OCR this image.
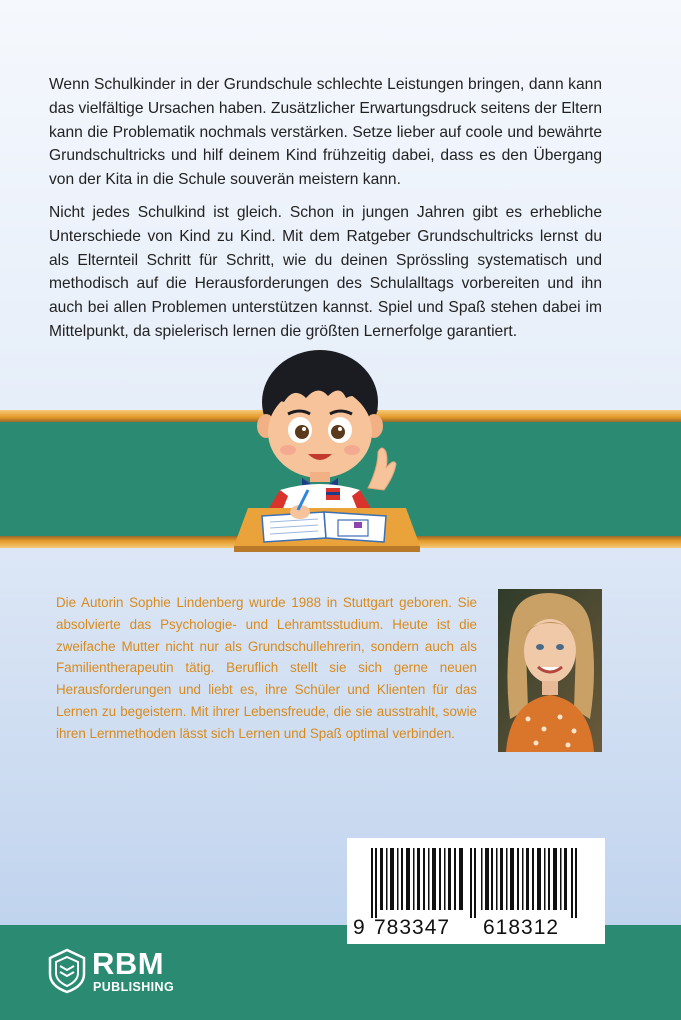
Wenn Schulkinder in der Grundschule schlechte Leistungen bringen, dann kann das vielfältige Ursachen haben. Zusätzlicher Erwartungsdruck seitens der Eltern kann die Problematik nochmals verstärken. Setze lieber auf coole und bewährte Grundschultricks und hilf deinem Kind frühzeitig dabei, dass es den Übergang von der Kita in die Schule souverän meistern kann.

Nicht jedes Schulkind ist gleich. Schon in jungen Jahren gibt es erhebliche Unterschiede von Kind zu Kind. Mit dem Ratgeber Grundschultricks lernst du als Elternteil Schritt für Schritt, wie du deinen Sprössling systematisch und methodisch auf die Herausforderungen des Schulalltags vorbereiten und ihn auch bei allen Problemen unterstützen kannst. Spiel und Spaß stehen dabei im Mittelpunkt, da spielerisch lernen die größten Lernerfolge garantiert.

Die Autorin Sophie Lindenberg wurde 1988 in Stuttgart geboren. Sie absolvierte das Psychologie- und Lehramtsstudium. Heute ist die zweifache Mutter nicht nur als Grundschullehrerin, sondern auch als Familientherapeutin tätig. Beruflich stellt sie sich gerne neuen Herausforderungen und liebt es, ihre Schüler und Klienten für das Lernen zu begeistern. Mit ihrer Lebensfreude, die sie ausstrahlt, sowie ihren Lernmethoden lässt sich Lernen und Spaß optimal verbinden.

9 783347 618312
RBM
PUBLISHING
